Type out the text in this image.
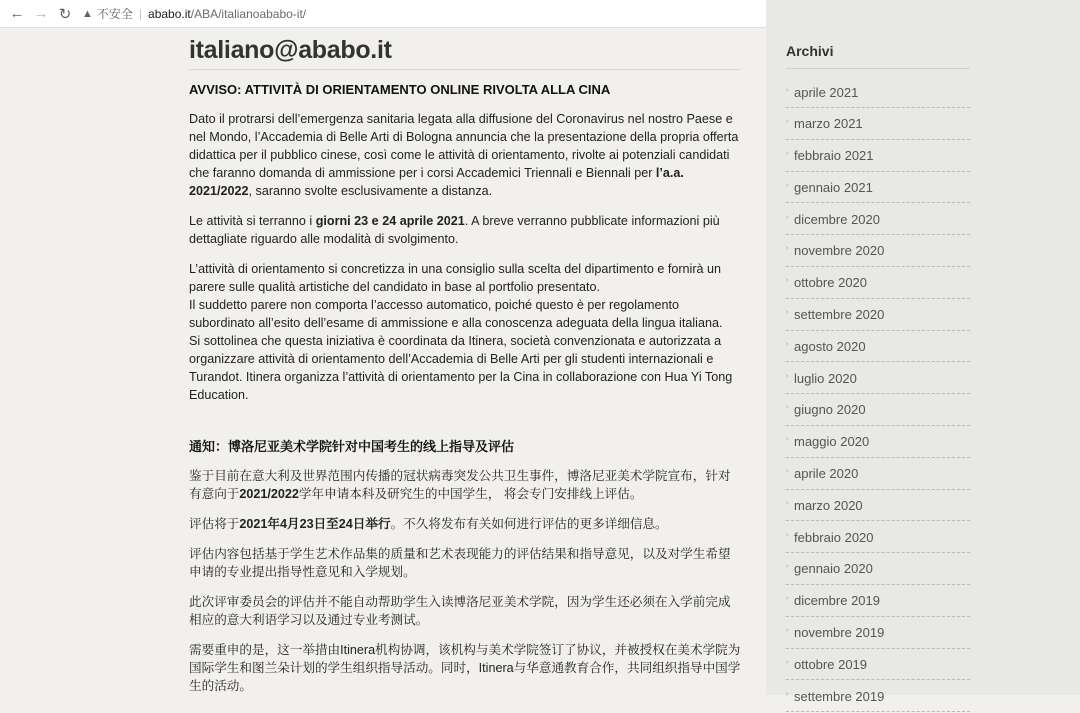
← → ↻ ▲ 不安全 | ababo.it /ABA/italianoababo-it/
italiano@ababo.it
AVVISO: ATTIVITÀ DI ORIENTAMENTO ONLINE RIVOLTA ALLA CINA

Dato il protrarsi dell’emergenza sanitaria legata alla diffusione del Coronavirus nel nostro Paese e nel Mondo, l’Accademia di Belle Arti di Bologna annuncia che la presentazione della propria offerta didattica per il pubblico cinese, così come le attività di orientamento, rivolte ai potenziali candidati che faranno domanda di ammissione per i corsi Accademici Triennali e Biennali per l’a.a. 2021/2022, saranno svolte esclusivamente a distanza.

Le attività si terranno i giorni 23 e 24 aprile 2021. A breve verranno pubblicate informazioni più dettagliate riguardo alle modalità di svolgimento.

L’attività di orientamento si concretizza in una consiglio sulla scelta del dipartimento e fornirà un parere sulle qualità artistiche del candidato in base al portfolio presentato.
Il suddetto parere non comporta l’accesso automatico, poiché questo è per regolamento subordinato all’esito dell’esame di ammissione e alla conoscenza adeguata della lingua italiana.
Si sottolinea che questa iniziativa è coordinata da Itinera, società convenzionata e autorizzata a organizzare attività di orientamento dell’Accademia di Belle Arti per gli studenti internazionali e Turandot. Itinera organizza l’attività di orientamento per la Cina in collaborazione con Hua Yi Tong Education.

通知：博洛尼亚美术学院针对中国考生的线上指导及评估

鉴于目前在意大利及世界范围内传播的冠状病毒突发公共卫生事件，博洛尼亚美术学院宣布，针对有意向于2021/2022学年申请本科及研究生的中国学生， 将会专门安排线上评估。

评估将于2021年4月23日至24日举行。不久将发布有关如何进行评估的更多详细信息。

评估内容包括基于学生艺术作品集的质量和艺术表现能力的评估结果和指导意见，以及对学生希望申请的专业提出指导性意见和入学规划。

此次评审委员会的评估并不能自动帮助学生入读博洛尼亚美术学院，因为学生还必须在入学前完成相应的意大利语学习以及通过专业考测试。

需要重申的是，这一举措由Itinera机构协调，该机构与美术学院签订了协议，并被授权在美术学院为国际学生和图兰朵计划的学生组织指导活动。同时，Itinera与华意通教育合作，共同组织指导中国学生的活动。

Archivi
› aprile 2021
› marzo 2021
› febbraio 2021
› gennaio 2021
› dicembre 2020
› novembre 2020
› ottobre 2020
› settembre 2020
› agosto 2020
› luglio 2020
› giugno 2020
› maggio 2020
› aprile 2020
› marzo 2020
› febbraio 2020
› gennaio 2020
› dicembre 2019
› novembre 2019
› ottobre 2019
› settembre 2019
